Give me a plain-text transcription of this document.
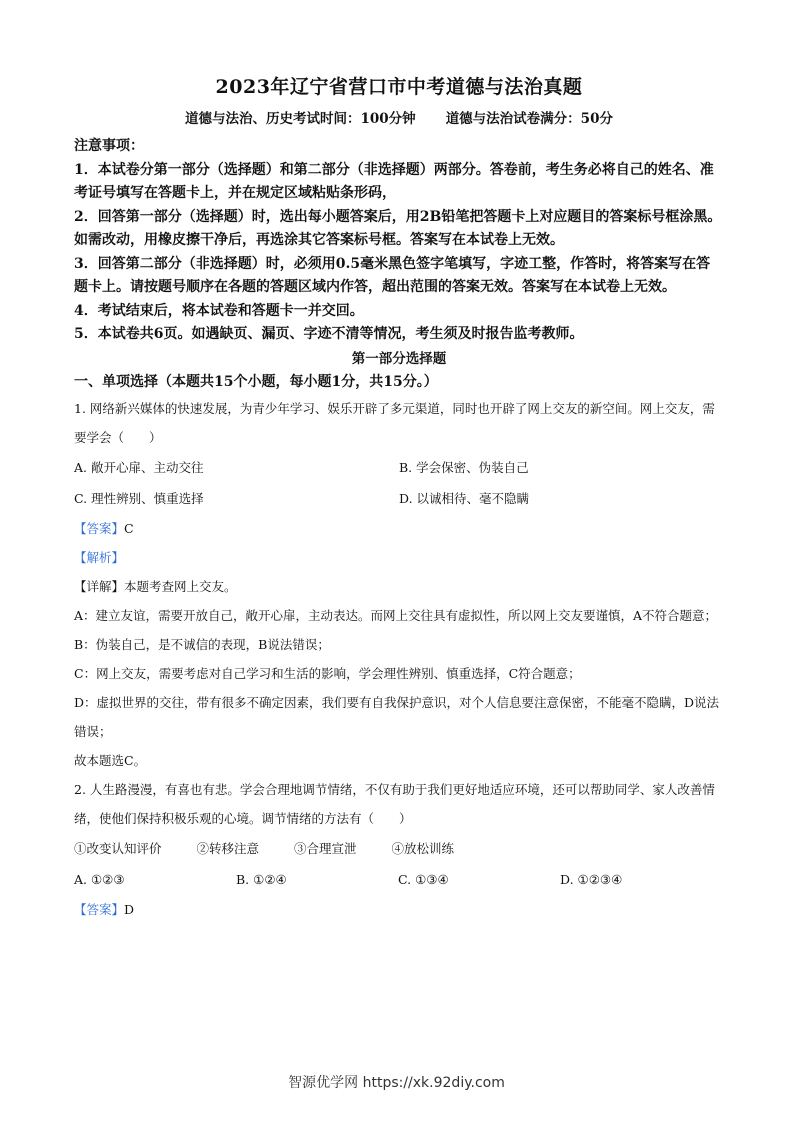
2023年辽宁省营口市中考道德与法治真题
道德与法治、历史考试时间：100分钟 道德与法治试卷满分：50分

注意事项：

1．本试卷分第一部分（选择题）和第二部分（非选择题）两部分。答卷前，考生务必将自己的姓名、准考证号填写在答题卡上，并在规定区域粘贴条形码，

2．回答第一部分（选择题）时，选出每小题答案后，用2B铅笔把答题卡上对应题目的答案标号框涂黑。如需改动，用橡皮擦干净后，再选涂其它答案标号框。答案写在本试卷上无效。

3．回答第二部分（非选择题）时，必须用0.5毫米黑色签字笔填写，字迹工整，作答时，将答案写在答题卡上。请按题号顺序在各题的答题区域内作答，超出范围的答案无效。答案写在本试卷上无效。

4．考试结束后，将本试卷和答题卡一并交回。

5．本试卷共6页。如遇缺页、漏页、字迹不清等情况，考生须及时报告监考教师。

第一部分选择题
一、单项选择（本题共15个小题，每小题1分，共15分。）

1. 网络新兴媒体的快速发展，为青少年学习、娱乐开辟了多元渠道，同时也开辟了网上交友的新空间。网上交友，需要学会（　　）

A. 敞开心扉、主动交往	B. 学会保密、伪装自己
C. 理性辨别、慎重选择	D. 以诚相待、毫不隐瞒

【答案】C

【解析】

【详解】本题考查网上交友。

A：建立友谊，需要开放自己，敞开心扉，主动表达。而网上交往具有虚拟性，所以网上交友要谨慎，A不符合题意；

B：伪装自己，是不诚信的表现，B说法错误；

C：网上交友，需要考虑对自己学习和生活的影响，学会理性辨别、慎重选择，C符合题意；

D：虚拟世界的交往，带有很多不确定因素，我们要有自我保护意识，对个人信息要注意保密，不能毫不隐瞒，D说法错误；

故本题选C。

2. 人生路漫漫，有喜也有悲。学会合理地调节情绪，不仅有助于我们更好地适应环境，还可以帮助同学、家人改善情绪，使他们保持积极乐观的心境。调节情绪的方法有（　　）

①改变认知评价	②转移注意	③合理宣泄	④放松训练
A. ①②③	B. ①②④	C. ①③④	D. ①②③④

【答案】D

智源优学网 https://xk.92diy.com
